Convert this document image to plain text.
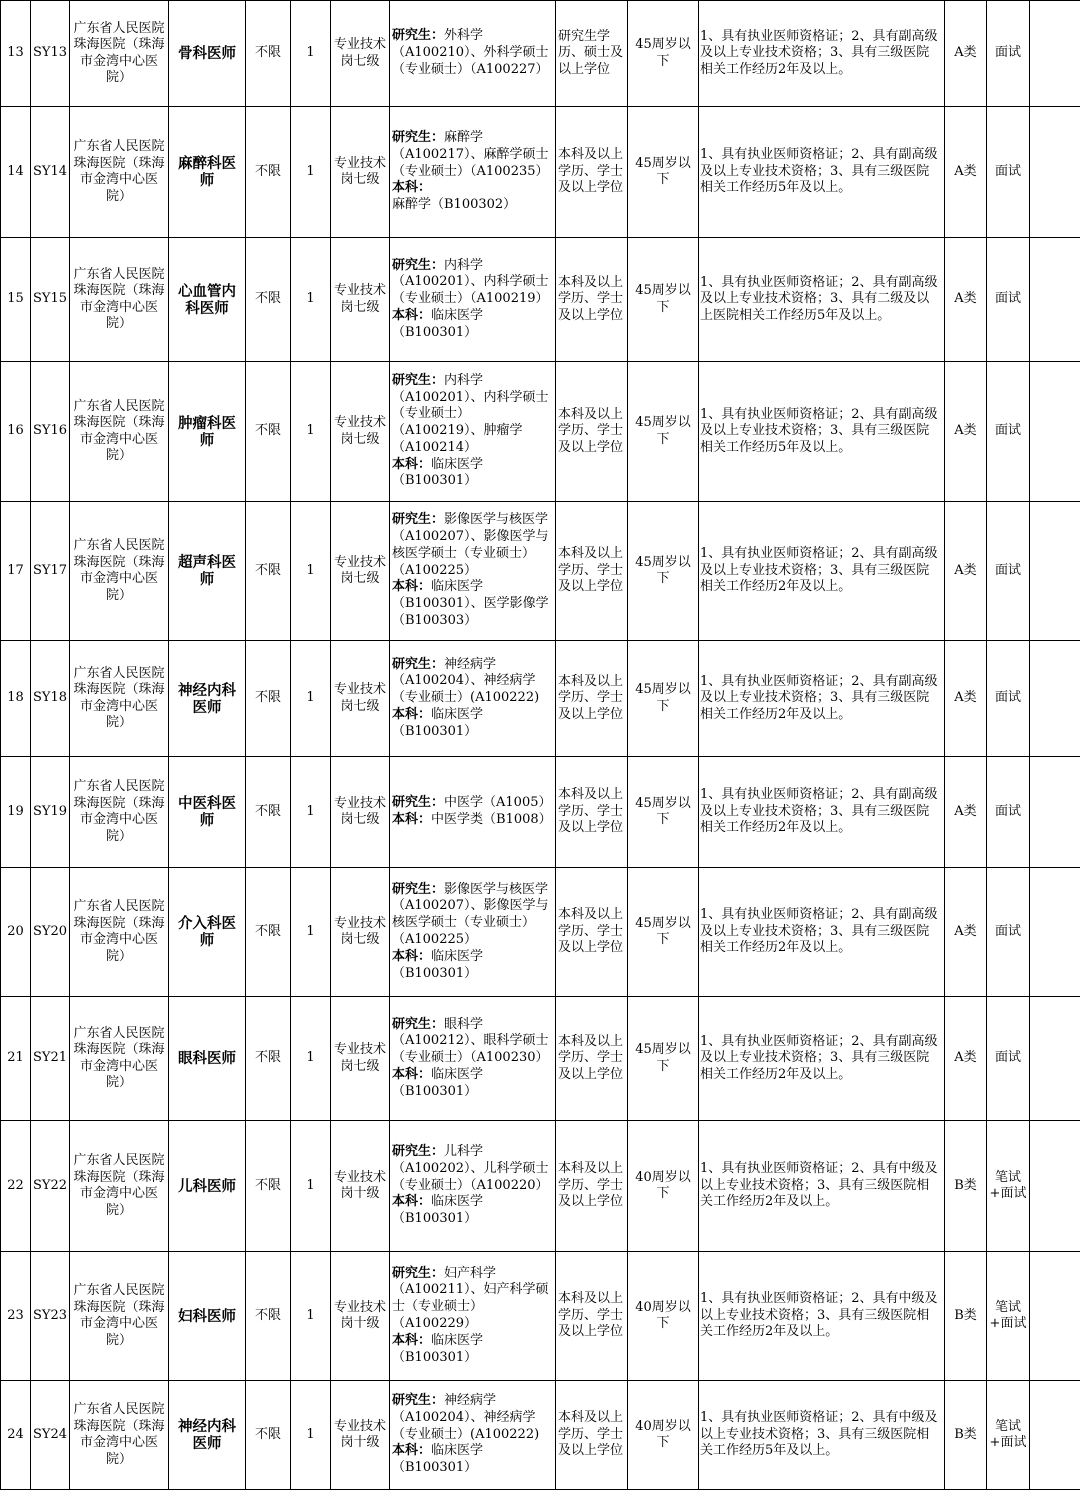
13	SY13	广东省人民医院珠海医院（珠海市金湾中心医院）	骨科医师	不限	1	专业技术岗七级	研究生：外科学（A100210）、外科学硕士（专业硕士）（A100227）	研究生学历、硕士及以上学位	45周岁以下	1、具有执业医师资格证；2、具有副高级及以上专业技术资格；3、具有三级医院相关工作经历2年及以上。	A类	面试	
14	SY14	广东省人民医院珠海医院（珠海市金湾中心医院）	麻醉科医师	不限	1	专业技术岗七级	研究生：麻醉学（A100217）、麻醉学硕士（专业硕士）（A100235）
本科：麻醉学（B100302）	本科及以上学历、学士及以上学位	45周岁以下	1、具有执业医师资格证；2、具有副高级及以上专业技术资格；3、具有三级医院相关工作经历5年及以上。	A类	面试	
15	SY15	广东省人民医院珠海医院（珠海市金湾中心医院）	心血管内科医师	不限	1	专业技术岗七级	研究生：内科学（A100201）、内科学硕士（专业硕士）（A100219）
本科：临床医学（B100301）	本科及以上学历、学士及以上学位	45周岁以下	1、具有执业医师资格证；2、具有副高级及以上专业技术资格；3、具有二级及以上医院相关工作经历5年及以上。	A类	面试	
16	SY16	广东省人民医院珠海医院（珠海市金湾中心医院）	肿瘤科医师	不限	1	专业技术岗七级	研究生：内科学（A100201）、内科学硕士（专业硕士）（A100219）、肿瘤学（A100214）
本科：临床医学（B100301）	本科及以上学历、学士及以上学位	45周岁以下	1、具有执业医师资格证；2、具有副高级及以上专业技术资格；3、具有三级医院相关工作经历5年及以上。	A类	面试	
17	SY17	广东省人民医院珠海医院（珠海市金湾中心医院）	超声科医师	不限	1	专业技术岗七级	研究生：影像医学与核医学（A100207）、影像医学与核医学硕士（专业硕士）（A100225）
本科：临床医学（B100301）、医学影像学（B100303）	本科及以上学历、学士及以上学位	45周岁以下	1、具有执业医师资格证；2、具有副高级及以上专业技术资格；3、具有三级医院相关工作经历2年及以上。	A类	面试	
18	SY18	广东省人民医院珠海医院（珠海市金湾中心医院）	神经内科医师	不限	1	专业技术岗七级	研究生：神经病学（A100204）、神经病学（专业硕士）(A100222)
本科：临床医学（B100301）	本科及以上学历、学士及以上学位	45周岁以下	1、具有执业医师资格证；2、具有副高级及以上专业技术资格；3、具有三级医院相关工作经历2年及以上。	A类	面试	
19	SY19	广东省人民医院珠海医院（珠海市金湾中心医院）	中医科医师	不限	1	专业技术岗七级	研究生：中医学（A1005）
本科：中医学类（B1008）	本科及以上学历、学士及以上学位	45周岁以下	1、具有执业医师资格证；2、具有副高级及以上专业技术资格；3、具有三级医院相关工作经历2年及以上。	A类	面试	
20	SY20	广东省人民医院珠海医院（珠海市金湾中心医院）	介入科医师	不限	1	专业技术岗七级	研究生：影像医学与核医学（A100207）、影像医学与核医学硕士（专业硕士）（A100225）
本科：临床医学（B100301）	本科及以上学历、学士及以上学位	45周岁以下	1、具有执业医师资格证；2、具有副高级及以上专业技术资格；3、具有三级医院相关工作经历2年及以上。	A类	面试	
21	SY21	广东省人民医院珠海医院（珠海市金湾中心医院）	眼科医师	不限	1	专业技术岗七级	研究生：眼科学（A100212）、眼科学硕士（专业硕士）（A100230）
本科：临床医学（B100301）	本科及以上学历、学士及以上学位	45周岁以下	1、具有执业医师资格证；2、具有副高级及以上专业技术资格；3、具有三级医院相关工作经历2年及以上。	A类	面试	
22	SY22	广东省人民医院珠海医院（珠海市金湾中心医院）	儿科医师	不限	1	专业技术岗十级	研究生：儿科学（A100202）、儿科学硕士（专业硕士）（A100220）
本科：临床医学（B100301）	本科及以上学历、学士及以上学位	40周岁以下	1、具有执业医师资格证；2、具有中级及以上专业技术资格；3、具有三级医院相关工作经历2年及以上。	B类	笔试+面试	
23	SY23	广东省人民医院珠海医院（珠海市金湾中心医院）	妇科医师	不限	1	专业技术岗十级	研究生：妇产科学（A100211）、妇产科学硕士（专业硕士）（A100229）
本科：临床医学（B100301）	本科及以上学历、学士及以上学位	40周岁以下	1、具有执业医师资格证；2、具有中级及以上专业技术资格；3、具有三级医院相关工作经历2年及以上。	B类	笔试+面试	
24	SY24	广东省人民医院珠海医院（珠海市金湾中心医院）	神经内科医师	不限	1	专业技术岗十级	研究生：神经病学（A100204）、神经病学（专业硕士）(A100222)
本科：临床医学（B100301）	本科及以上学历、学士及以上学位	40周岁以下	1、具有执业医师资格证；2、具有中级及以上专业技术资格；3、具有三级医院相关工作经历5年及以上。	B类	笔试+面试	
